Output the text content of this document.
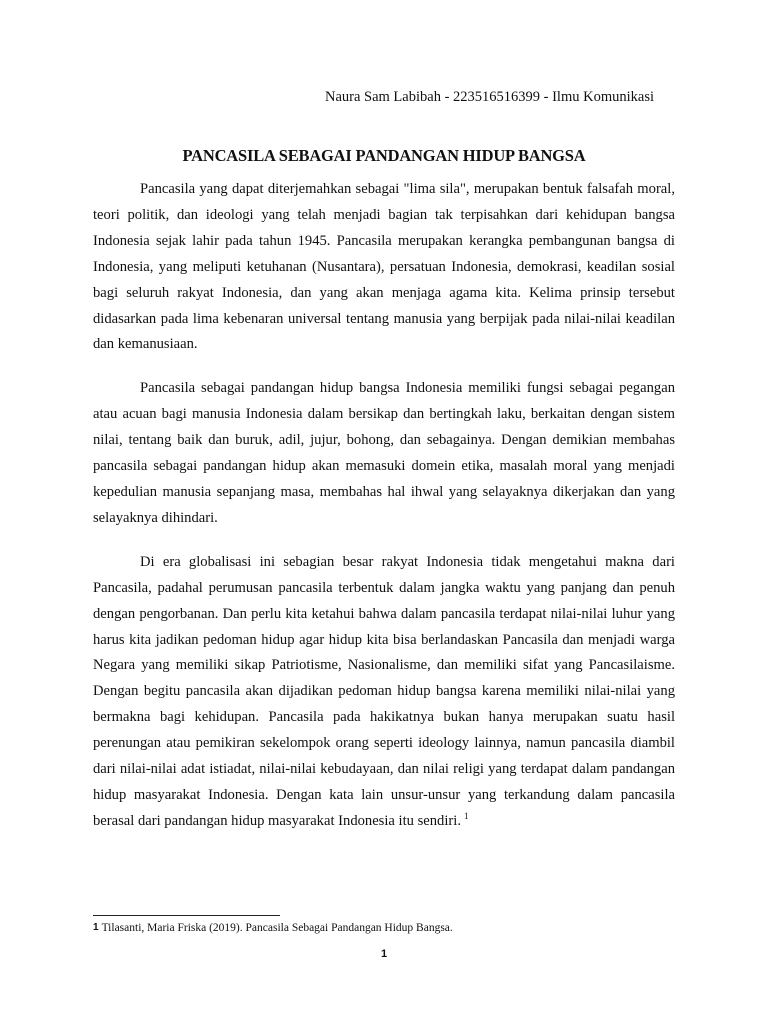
Naura Sam Labibah - 223516516399 - Ilmu Komunikasi
PANCASILA SEBAGAI PANDANGAN HIDUP BANGSA

Pancasila yang dapat diterjemahkan sebagai "lima sila", merupakan bentuk falsafah moral, teori politik, dan ideologi yang telah menjadi bagian tak terpisahkan dari kehidupan bangsa Indonesia sejak lahir pada tahun 1945. Pancasila merupakan kerangka pembangunan bangsa di Indonesia, yang meliputi ketuhanan (Nusantara), persatuan Indonesia, demokrasi, keadilan sosial bagi seluruh rakyat Indonesia, dan yang akan menjaga agama kita. Kelima prinsip tersebut didasarkan pada lima kebenaran universal tentang manusia yang berpijak pada nilai-nilai keadilan dan kemanusiaan.

Pancasila sebagai pandangan hidup bangsa Indonesia memiliki fungsi sebagai pegangan atau acuan bagi manusia Indonesia dalam bersikap dan bertingkah laku, berkaitan dengan sistem nilai, tentang baik dan buruk, adil, jujur, bohong, dan sebagainya. Dengan demikian membahas pancasila sebagai pandangan hidup akan memasuki domein etika, masalah moral yang menjadi kepedulian manusia sepanjang masa, membahas hal ihwal yang selayaknya dikerjakan dan yang selayaknya dihindari.

Di era globalisasi ini sebagian besar rakyat Indonesia tidak mengetahui makna dari Pancasila, padahal perumusan pancasila terbentuk dalam jangka waktu yang panjang dan penuh dengan pengorbanan. Dan perlu kita ketahui bahwa dalam pancasila terdapat nilai-nilai luhur yang harus kita jadikan pedoman hidup agar hidup kita bisa berlandaskan Pancasila dan menjadi warga Negara yang memiliki sikap Patriotisme, Nasionalisme, dan memiliki sifat yang Pancasilaisme. Dengan begitu pancasila akan dijadikan pedoman hidup bangsa karena memiliki nilai-nilai yang bermakna bagi kehidupan. Pancasila pada hakikatnya bukan hanya merupakan suatu hasil perenungan atau pemikiran sekelompok orang seperti ideology lainnya, namun pancasila diambil dari nilai-nilai adat istiadat, nilai-nilai kebudayaan, dan nilai religi yang terdapat dalam pandangan hidup masyarakat Indonesia. Dengan kata lain unsur-unsur yang terkandung dalam pancasila berasal dari pandangan hidup masyarakat Indonesia itu sendiri. $^1$

1 Tilasanti, Maria Friska (2019). Pancasila Sebagai Pandangan Hidup Bangsa.
1
